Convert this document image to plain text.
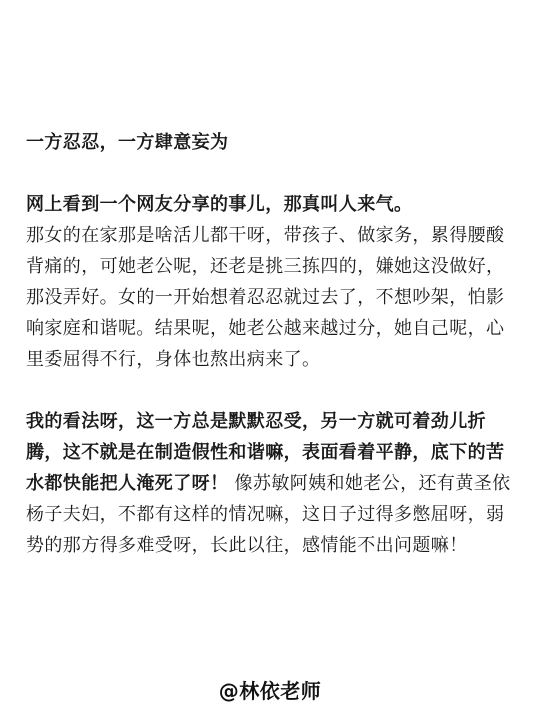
一方忍忍，一方肆意妄为

网上看到一个网友分享的事儿，那真叫人来气。

那女的在家那是啥活儿都干呀，带孩子、做家务，累得腰酸背痛的，可她老公呢，还老是挑三拣四的，嫌她这没做好，那没弄好。女的一开始想着忍忍就过去了，不想吵架，怕影响家庭和谐呢。结果呢，她老公越来越过分，她自己呢，心里委屈得不行，身体也熬出病来了。

我的看法呀，这一方总是默默忍受，另一方就可着劲儿折腾，这不就是在制造假性和谐嘛，表面看着平静，底下的苦水都快能把人淹死了呀！ 像苏敏阿姨和她老公，还有黄圣依杨子夫妇，不都有这样的情况嘛，这日子过得多憋屈呀，弱势的那方得多难受呀，长此以往，感情能不出问题嘛！

@林依老师
